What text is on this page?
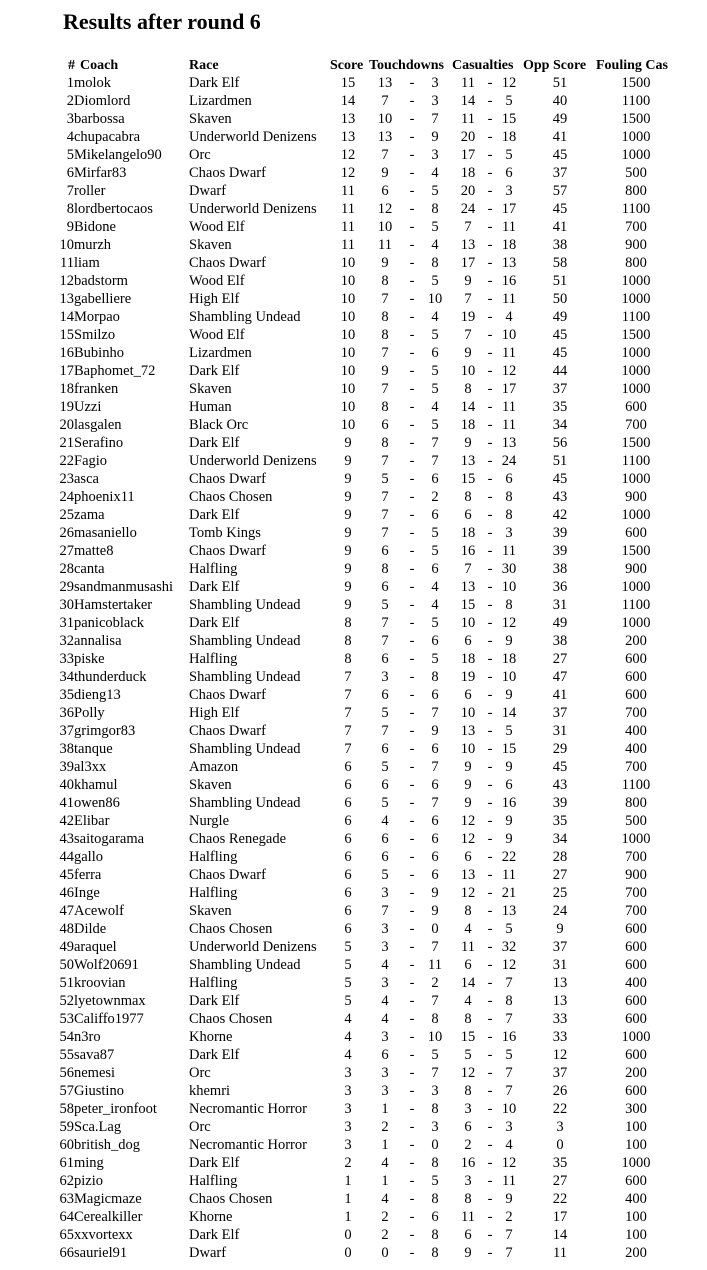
Results after round 6
# Coach	Race	Score Touchdowns Casualties Opp Score Fouling Cas
1 molok	Dark Elf	15	13	3	11	12	51	1500
-	-
2 Diomlord	Lizardmen	14	7	3	14	5	40	1100
-	-
3 barbossa	Skaven	13	10	7	11	15	49	1500
-	-
4 chupacabra	Underworld Denizens	13	13	9	20	18	41	1000
-	-
5 Mikelangelo90	Orc	12	7	3	17	5	45	1000
-	-
6 Mirfar83	Chaos Dwarf	12	9	4	18	6	37	500
-	-
7 roller	Dwarf	11	6	5	20	3	57	800
-	-
8 lordbertocaos	Underworld Denizens	11	12	8	24	17	45	1100
-	-
9 Bidone	Wood Elf	11	10	5	7	11	41	700
-	-
10 murzh	Skaven	11	11	4	13	18	38	900
-	-
11 liam	Chaos Dwarf	10	9	8	17	13	58	800
-	-
12 badstorm	Wood Elf	10	8	5	9	16	51	1000
-	-
13 gabelliere	High Elf	10	7	10	7	11	50	1000
-	-
14 Morpao	Shambling Undead	10	8	4	19	4	49	1100
-	-
15 Smilzo	Wood Elf	10	8	5	7	10	45	1500
-	-
16 Bubinho	Lizardmen	10	7	6	9	11	45	1000
-	-
17 Baphomet_72	Dark Elf	10	9	5	10	12	44	1000
-	-
18 franken	Skaven	10	7	5	8	17	37	1000
-	-
19 Uzzi	Human	10	8	4	14	11	35	600
-	-
20 lasgalen	Black Orc	10	6	5	18	11	34	700
-	-
21 Serafino	Dark Elf	9	8	7	9	13	56	1500
-	-
22 Fagio	Underworld Denizens	9	7	7	13	24	51	1100
-	-
23 asca	Chaos Dwarf	9	5	6	15	6	45	1000
-	-
24 phoenix11	Chaos Chosen	9	7	2	8	8	43	900
-	-
25 zama	Dark Elf	9	7	6	6	8	42	1000
-	-
26 masaniello	Tomb Kings	9	7	5	18	3	39	600
-	-
27 matte8	Chaos Dwarf	9	6	5	16	11	39	1500
-	-
28 canta	Halfling	9	8	6	7	30	38	900
-	-
29 sandmanmusashi	Dark Elf	9	6	4	13	10	36	1000
-	-
30 Hamstertaker	Shambling Undead	9	5	4	15	8	31	1100
-	-
31 panicoblack	Dark Elf	8	7	5	10	12	49	1000
-	-
32 annalisa	Shambling Undead	8	7	6	6	9	38	200
-	-
33 piske	Halfling	8	6	5	18	18	27	600
-	-
34 thunderduck	Shambling Undead	7	3	8	19	10	47	600
-	-
35 dieng13	Chaos Dwarf	7	6	6	6	9	41	600
-	-
36 Polly	High Elf	7	5	7	10	14	37	700
-	-
37 grimgor83	Chaos Dwarf	7	7	9	13	5	31	400
-	-
38 tanque	Shambling Undead	7	6	6	10	15	29	400
-	-
39 al3xx	Amazon	6	5	7	9	9	45	700
-	-
40 khamul	Skaven	6	6	6	9	6	43	1100
-	-
41 owen86	Shambling Undead	6	5	7	9	16	39	800
-	-
42 Elibar	Nurgle	6	4	6	12	9	35	500
-	-
43 saitogarama	Chaos Renegade	6	6	6	12	9	34	1000
-	-
44 gallo	Halfling	6	6	6	6	22	28	700
-	-
45 ferra	Chaos Dwarf	6	5	6	13	11	27	900
-	-
46 Inge	Halfling	6	3	9	12	21	25	700
-	-
47 Acewolf	Skaven	6	7	9	8	13	24	700
-	-
48 Dilde	Chaos Chosen	6	3	0	4	5	9	600
-	-
49 araquel	Underworld Denizens	5	3	7	11	32	37	600
-	-
50 Wolf20691	Shambling Undead	5	4	11	6	12	31	600
-	-
51 kroovian	Halfling	5	3	2	14	7	13	400
-	-
52 lyetownmax	Dark Elf	5	4	7	4	8	13	600
-	-
53 Califfo1977	Chaos Chosen	4	4	8	8	7	33	600
-	-
54 n3ro	Khorne	4	3	10	15	16	33	1000
-	-
55 sava87	Dark Elf	4	6	5	5	5	12	600
-	-
56 nemesi	Orc	3	3	7	12	7	37	200
-	-
57 Giustino	khemri	3	3	3	8	7	26	600
-	-
58 peter_ironfoot	Necromantic Horror	3	1	8	3	10	22	300
-	-
59 Sca.Lag	Orc	3	2	3	6	3	3	100
-	-
60 british_dog	Necromantic Horror	3	1	0	2	4	0	100
-	-
61 ming	Dark Elf	2	4	8	16	12	35	1000
-	-
62 pizio	Halfling	1	1	5	3	11	27	600
-	-
63 Magicmaze	Chaos Chosen	1	4	8	8	9	22	400
-	-
64 Cerealkiller	Khorne	1	2	6	11	2	17	100
-	-
65 xxvortexx	Dark Elf	0	2	8	6	7	14	100
-	-
66 sauriel91	Dwarf	0	0	8	9	7	11	200
-	-
